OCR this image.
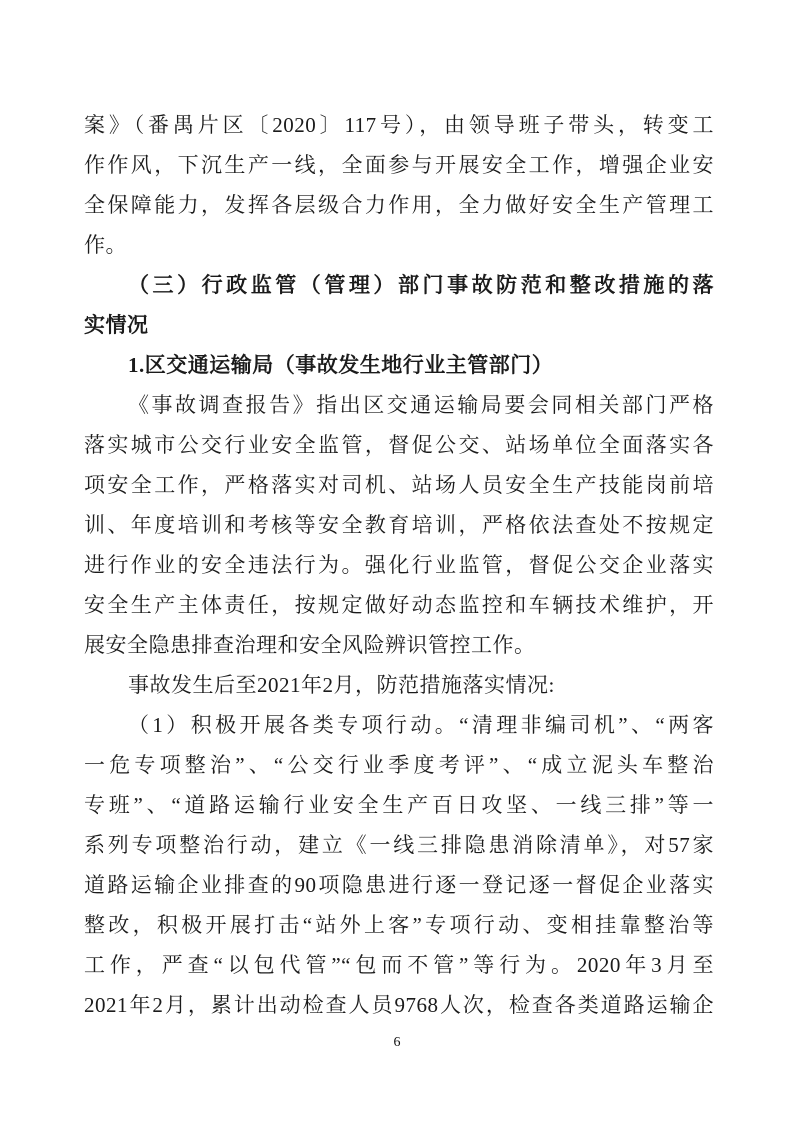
案》（番禺片区〔2020〕117号），由领导班子带头，转变工
作作风，下沉生产一线，全面参与开展安全工作，增强企业安
全保障能力，发挥各层级合力作用，全力做好安全生产管理工
作。
（三）行政监管（管理）部门事故防范和整改措施的落
实情况
1.区交通运输局（事故发生地行业主管部门）
《事故调查报告》指出区交通运输局要会同相关部门严格
落实城市公交行业安全监管，督促公交、站场单位全面落实各
项安全工作，严格落实对司机、站场人员安全生产技能岗前培
训、年度培训和考核等安全教育培训，严格依法查处不按规定
进行作业的安全违法行为。强化行业监管，督促公交企业落实
安全生产主体责任，按规定做好动态监控和车辆技术维护，开
展安全隐患排查治理和安全风险辨识管控工作。
事故发生后至2021年2月，防范措施落实情况:
（1）积极开展各类专项行动。“清理非编司机”、“两客
一危专项整治”、“公交行业季度考评”、“成立泥头车整治
专班”、“道路运输行业安全生产百日攻坚、一线三排”等一
系列专项整治行动，建立《一线三排隐患消除清单》，对57家
道路运输企业排查的90项隐患进行逐一登记逐一督促企业落实
整改，积极开展打击“站外上客”专项行动、变相挂靠整治等
工作，严查“以包代管”“包而不管”等行为。2020年3月至
2021年2月，累计出动检查人员9768人次，检查各类道路运输企
6
